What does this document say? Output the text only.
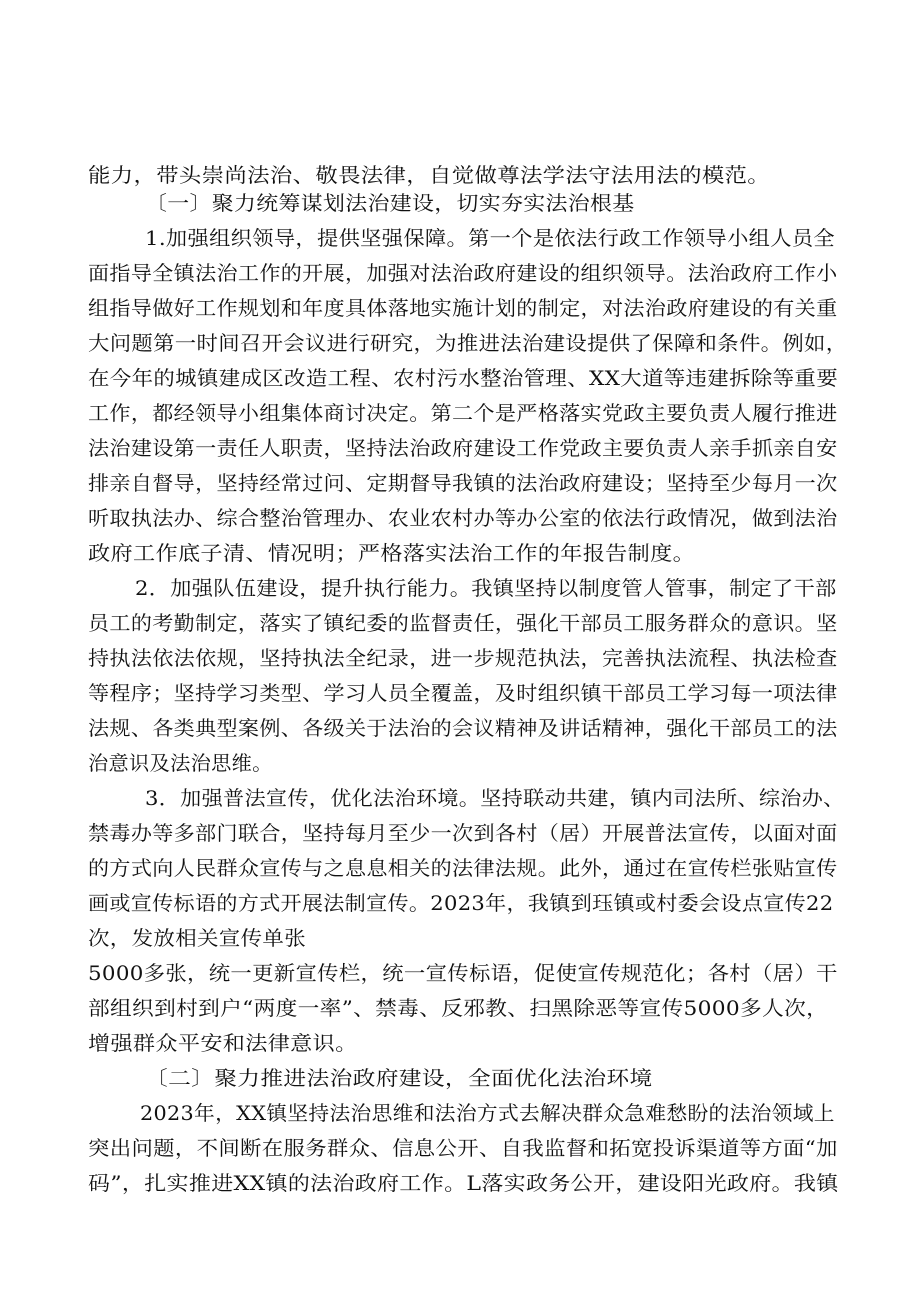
能力，带头崇尚法治、敬畏法律，自觉做尊法学法守法用法的模范。
〔一〕聚力统筹谋划法治建设，切实夯实法治根基
1.加强组织领导，提供坚强保障。第一个是依法行政工作领导小组人员全
面指导全镇法治工作的开展，加强对法治政府建设的组织领导。法治政府工作小
组指导做好工作规划和年度具体落地实施计划的制定，对法治政府建设的有关重
大问题第一时间召开会议进行研究，为推进法治建设提供了保障和条件。例如，
在今年的城镇建成区改造工程、农村污水整治管理、XX大道等违建拆除等重要
工作，都经领导小组集体商讨决定。第二个是严格落实党政主要负责人履行推进
法治建设第一责任人职责，坚持法治政府建设工作党政主要负责人亲手抓亲自安
排亲自督导，坚持经常过问、定期督导我镇的法治政府建设；坚持至少每月一次
听取执法办、综合整治管理办、农业农村办等办公室的依法行政情况，做到法治
政府工作底子清、情况明；严格落实法治工作的年报告制度。
2．加强队伍建设，提升执行能力。我镇坚持以制度管人管事，制定了干部
员工的考勤制定，落实了镇纪委的监督责任，强化干部员工服务群众的意识。坚
持执法依法依规，坚持执法全纪录，进一步规范执法，完善执法流程、执法检查
等程序；坚持学习类型、学习人员全覆盖，及时组织镇干部员工学习每一项法律
法规、各类典型案例、各级关于法治的会议精神及讲话精神，强化干部员工的法
治意识及法治思维。
3．加强普法宣传，优化法治环境。坚持联动共建，镇内司法所、综治办、
禁毒办等多部门联合，坚持每月至少一次到各村（居）开展普法宣传，以面对面
的方式向人民群众宣传与之息息相关的法律法规。此外，通过在宣传栏张贴宣传
画或宣传标语的方式开展法制宣传。2023年，我镇到珏镇或村委会设点宣传22
次，发放相关宣传单张
5000多张，统一更新宣传栏，统一宣传标语，促使宣传规范化；各村（居）干
部组织到村到户“两度一率”、禁毒、反邪教、扫黑除恶等宣传5000多人次，
增强群众平安和法律意识。
〔二〕聚力推进法治政府建设，全面优化法治环境
2023年，XX镇坚持法治思维和法治方式去解决群众急难愁盼的法治领域上
突出问题，不间断在服务群众、信息公开、自我监督和拓宽投诉渠道等方面“加
码”，扎实推进XX镇的法治政府工作。L落实政务公开，建设阳光政府。我镇
